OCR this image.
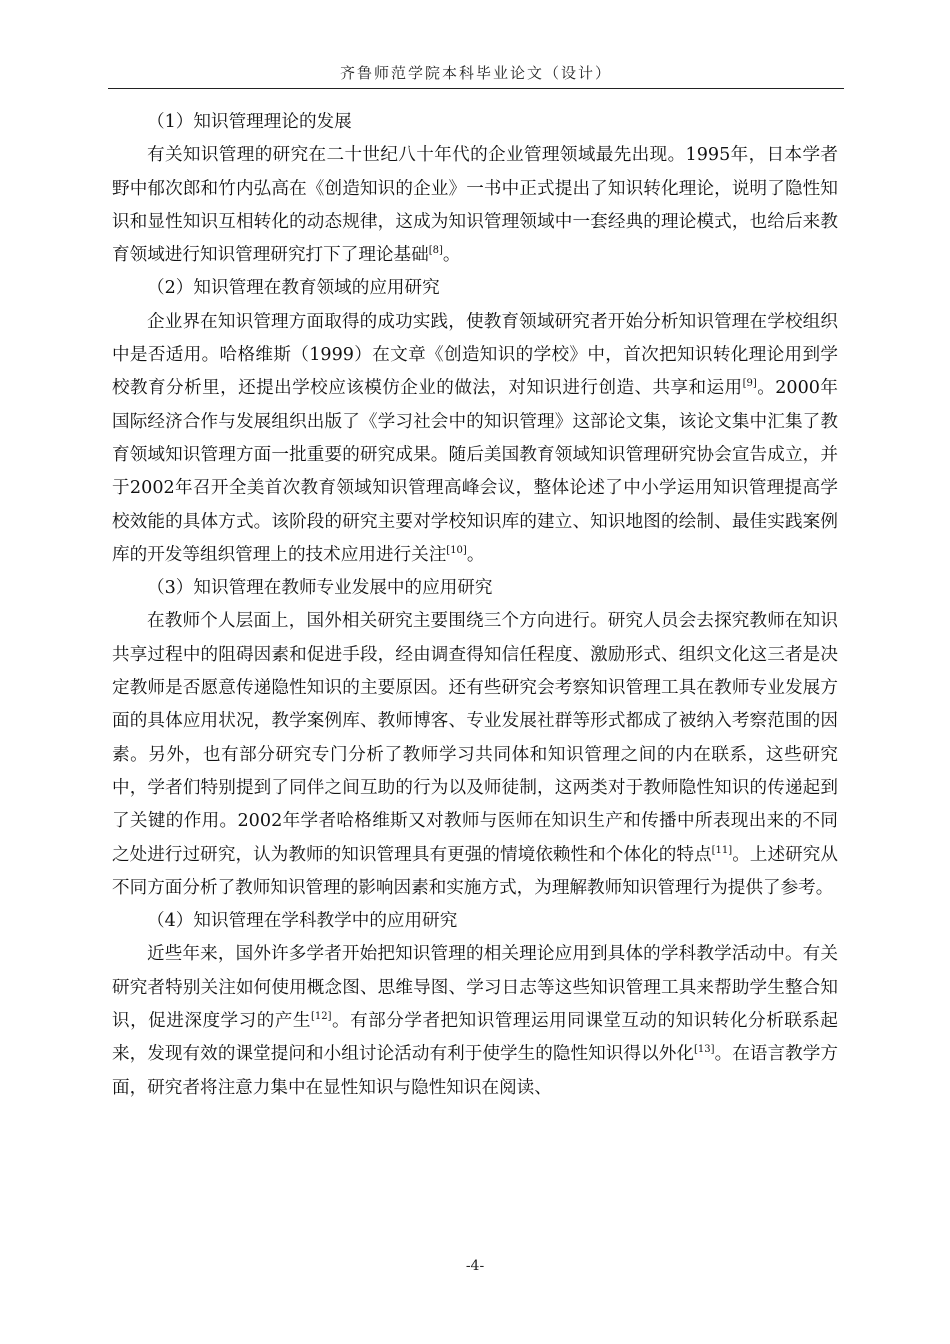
齐鲁师范学院本科毕业论文（设计）

（1）知识管理理论的发展

有关知识管理的研究在二十世纪八十年代的企业管理领域最先出现。1995年，日本学者野中郁次郎和竹内弘高在《创造知识的企业》一书中正式提出了知识转化理论，说明了隐性知识和显性知识互相转化的动态规律，这成为知识管理领域中一套经典的理论模式，也给后来教育领域进行知识管理研究打下了理论基础[8]。

（2）知识管理在教育领域的应用研究

企业界在知识管理方面取得的成功实践，使教育领域研究者开始分析知识管理在学校组织中是否适用。哈格维斯（1999）在文章《创造知识的学校》中，首次把知识转化理论用到学校教育分析里，还提出学校应该模仿企业的做法，对知识进行创造、共享和运用[9]。2000年国际经济合作与发展组织出版了《学习社会中的知识管理》这部论文集，该论文集中汇集了教育领域知识管理方面一批重要的研究成果。随后美国教育领域知识管理研究协会宣告成立，并于2002年召开全美首次教育领域知识管理高峰会议，整体论述了中小学运用知识管理提高学校效能的具体方式。该阶段的研究主要对学校知识库的建立、知识地图的绘制、最佳实践案例库的开发等组织管理上的技术应用进行关注[10]。

（3）知识管理在教师专业发展中的应用研究

在教师个人层面上，国外相关研究主要围绕三个方向进行。研究人员会去探究教师在知识共享过程中的阻碍因素和促进手段，经由调查得知信任程度、激励形式、组织文化这三者是决定教师是否愿意传递隐性知识的主要原因。还有些研究会考察知识管理工具在教师专业发展方面的具体应用状况，教学案例库、教师博客、专业发展社群等形式都成了被纳入考察范围的因素。另外，也有部分研究专门分析了教师学习共同体和知识管理之间的内在联系，这些研究中，学者们特别提到了同伴之间互助的行为以及师徒制，这两类对于教师隐性知识的传递起到了关键的作用。2002年学者哈格维斯又对教师与医师在知识生产和传播中所表现出来的不同之处进行过研究，认为教师的知识管理具有更强的情境依赖性和个体化的特点[11]。上述研究从不同方面分析了教师知识管理的影响因素和实施方式，为理解教师知识管理行为提供了参考。

（4）知识管理在学科教学中的应用研究

近些年来，国外许多学者开始把知识管理的相关理论应用到具体的学科教学活动中。有关研究者特别关注如何使用概念图、思维导图、学习日志等这些知识管理工具来帮助学生整合知识，促进深度学习的产生[12]。有部分学者把知识管理运用同课堂互动的知识转化分析联系起来，发现有效的课堂提问和小组讨论活动有利于使学生的隐性知识得以外化[13]。在语言教学方面，研究者将注意力集中在显性知识与隐性知识在阅读、

-4-
